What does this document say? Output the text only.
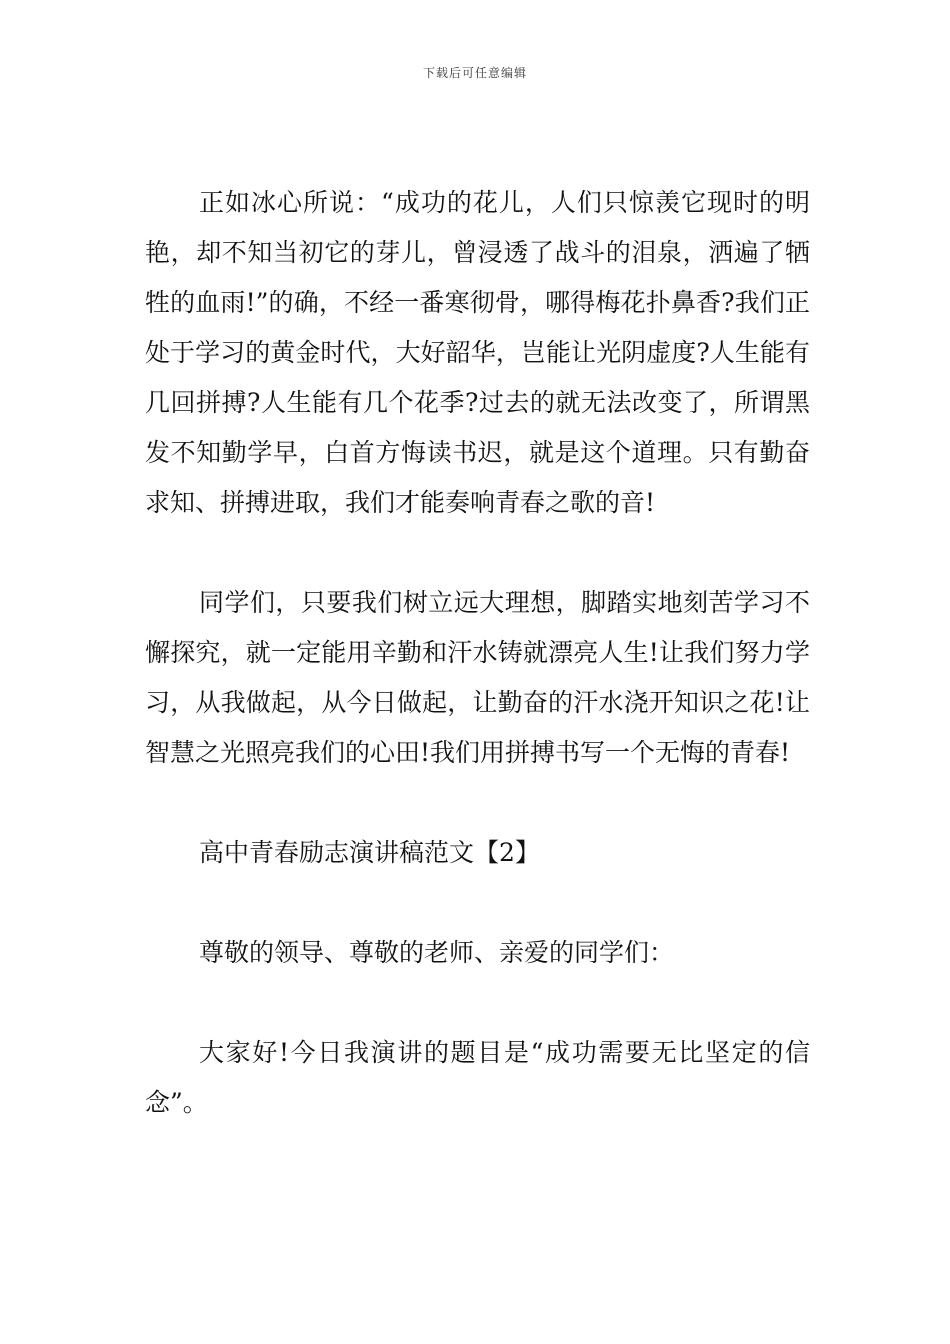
下载后可任意编辑

正如冰心所说：“成功的花儿，人们只惊羡它现时的明艳，却不知当初它的芽儿，曾浸透了战斗的泪泉，洒遍了牺牲的血雨!”的确，不经一番寒彻骨，哪得梅花扑鼻香?我们正处于学习的黄金时代，大好韶华，岂能让光阴虚度?人生能有几回拼搏?人生能有几个花季?过去的就无法改变了，所谓黑发不知勤学早，白首方悔读书迟，就是这个道理。只有勤奋求知、拼搏进取，我们才能奏响青春之歌的音!

同学们，只要我们树立远大理想，脚踏实地刻苦学习不懈探究，就一定能用辛勤和汗水铸就漂亮人生!让我们努力学习，从我做起，从今日做起，让勤奋的汗水浇开知识之花!让智慧之光照亮我们的心田!我们用拼搏书写一个无悔的青春!

高中青春励志演讲稿范文【2】

尊敬的领导、尊敬的老师、亲爱的同学们：

大家好!今日我演讲的题目是“成功需要无比坚定的信念”。
